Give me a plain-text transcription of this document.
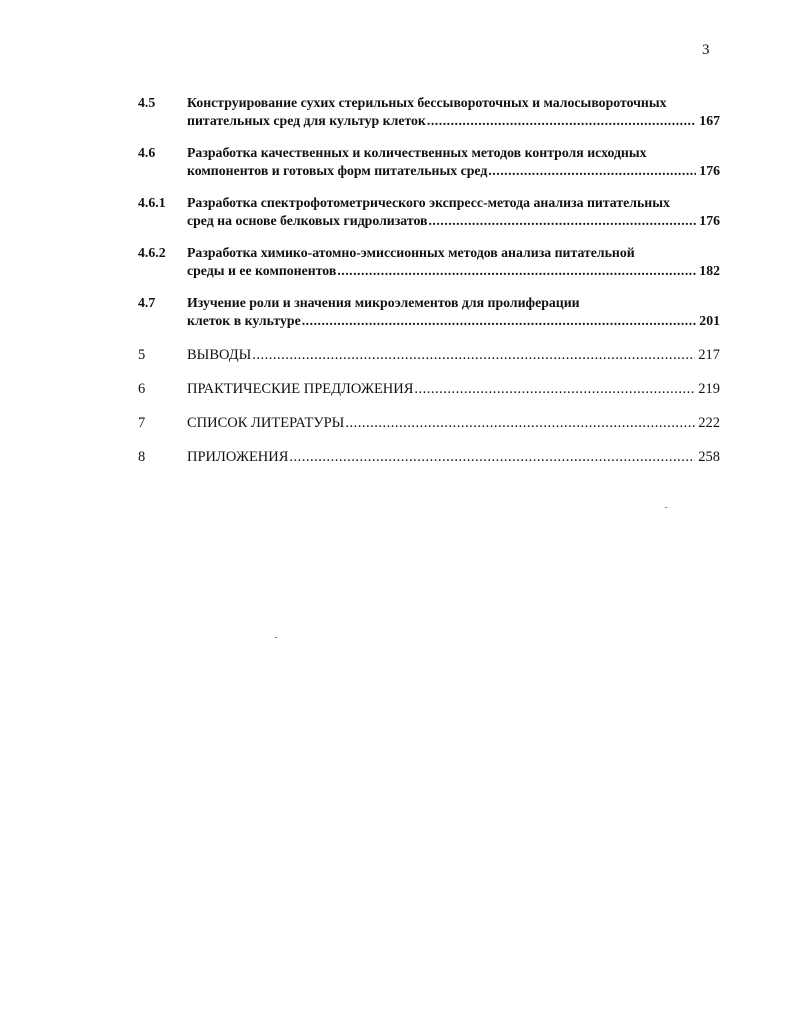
3
4.5	Конструирование сухих стерильных бессывороточных и малосывороточных
питательных сред для культур клеток .....	167
4.6	Разработка качественных и количественных методов контроля исходных
компонентов и готовых форм питательных сред .....	176
4.6.1	Разработка спектрофотометрического экспресс-метода анализа питательных
сред на основе белковых гидролизатов .....	176
4.6.2	Разработка химико-атомно-эмиссионных методов анализа питательной
среды и ее компонентов .....	182
4.7	Изучение роли и значения микроэлементов для пролиферации
клеток в культуре .....	201
5	ВЫВОДЫ .....	217
6	ПРАКТИЧЕСКИЕ ПРЕДЛОЖЕНИЯ .....	219
7	СПИСОК ЛИТЕРАТУРЫ .....	222
8	ПРИЛОЖЕНИЯ .....	258
